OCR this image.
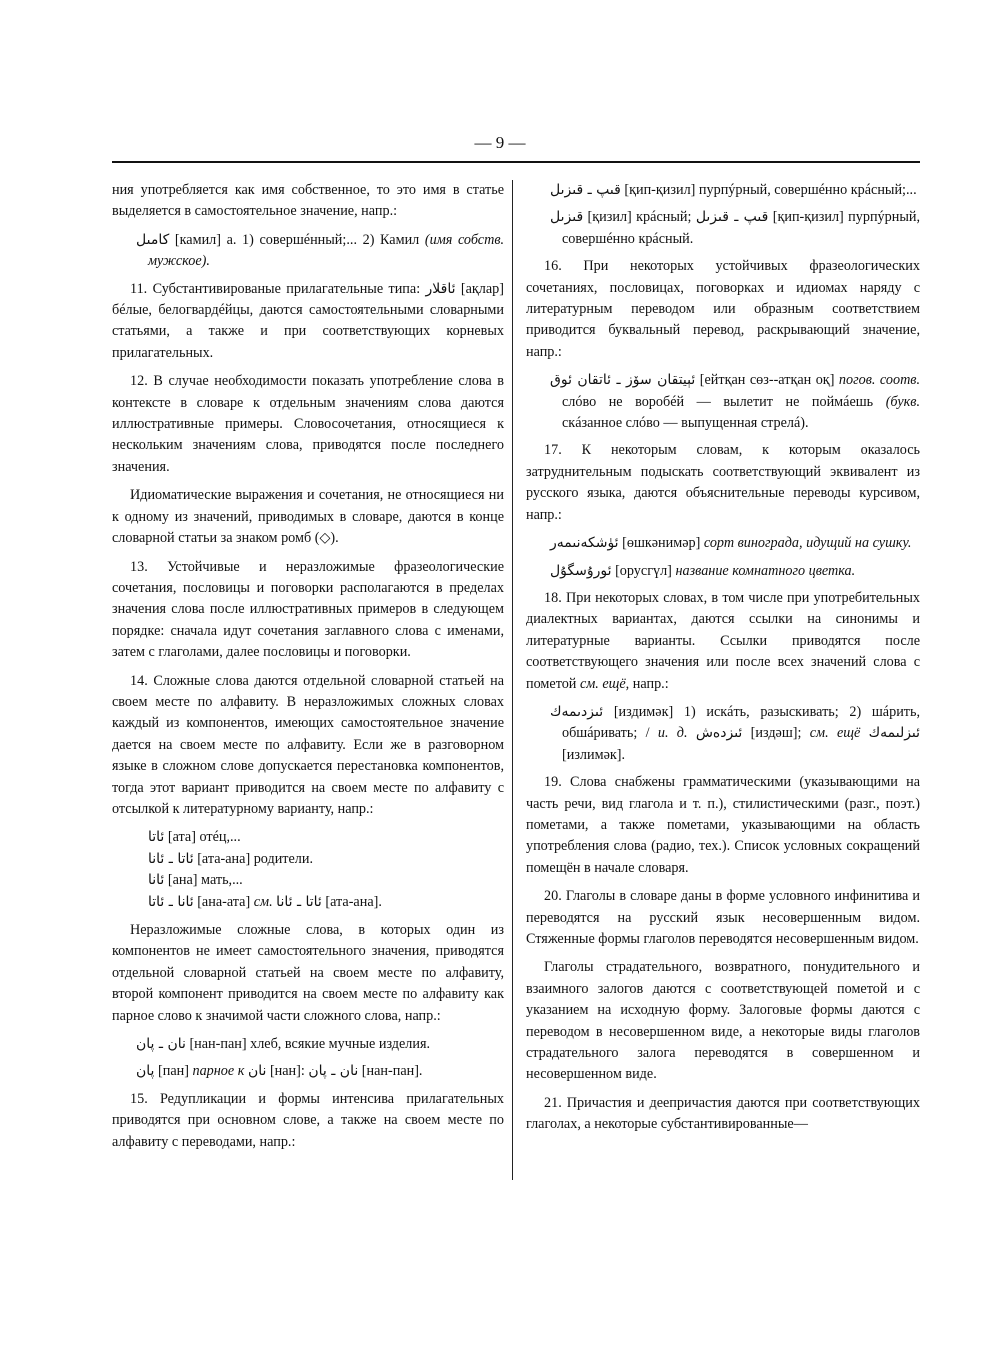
— 9 —

ния употребляется как имя собственное, то это имя в статье выделяется в самостоятельное значение, напр.:

كامىل [камил] а. 1) совершéнный;... 2) Камил (имя собств. мужское).

11. Субстантивированые прилагательные типа: ئاقلار [ақлар] бéлые, белогвардéйцы, даются самостоятельными словарными статьями, а также и при соответствующих корневых прилагательных.

12. В случае необходимости показать употребление слова в контексте в словаре к отдельным значениям слова даются иллюстративные примеры. Словосочетания, относящиеся к нескольким значениям слова, приводятся после последнего значения.

Идиоматические выражения и сочетания, не относящиеся ни к одному из значений, приводимых в словаре, даются в конце словарной статьи за знаком ромб (◇).

13. Устойчивые и неразложимые фразеологические сочетания, пословицы и поговорки располагаются в пределах значения слова после иллюстративных примеров в следующем порядке: сначала идут сочетания заглавного слова с именами, затем с глаголами, далее пословицы и поговорки.

14. Сложные слова даются отдельной словарной статьей на своем месте по алфавиту. В неразложимых сложных словах каждый из компонентов, имеющих самостоятельное значение дается на своем месте по алфавиту. Если же в разговорном языке в сложном слове допускается перестановка компонентов, тогда этот вариант приводится на своем месте по алфавиту с отсылкой к литературному варианту, напр.:

ئاتا [ата] отéц,...
ئاتا ـ ئانا [ата-ана] родители.
ئانا [ана] мать,...
ئانا ـ ئاتا [ана-ата] см. ئاتا ـ ئانا [ата-ана].

Неразложимые сложные слова, в которых один из компонентов не имеет самостоятельного значения, приводятся отдельной словарной статьей на своем месте по алфавиту, второй компонент приводится на своем месте по алфавиту как парное слово к значимой части сложного слова, напр.:

نان ـ پان [нан-пан] хлеб, всякие мучные изделия.
پان [пан] парное к نان [нан]: نان ـ پان [нан-пан].

15. Редупликации и формы интенсива прилагательных приводятся при основном слове, а также на своем месте по алфавиту с переводами, напр.:

قىپ ـ قىزىل [қип-қизил] пурпýрный, совершéнно крáсный;...
قىزىل [қизил] крáсный; قىپ ـ قىزىل [қип-қизил] пурпýрный, совершéнно крáсный.

16. При некоторых устойчивых фразеологических сочетаниях, пословицах, поговорках и идиомах наряду с литературным переводом или образным соответствием приводится буквальный перевод, раскрывающий значение, напр.:

ئېيتقان سۆز ـ ئاتقان ئوق [ейтқан сөз--атқан оқ] погов. соотв. слóво не воробéй — вылетит не поймáешь (букв. скáзанное слóво — выпущенная стрелá).

17. К некоторым словам, к которым оказалось затруднительным подыскать соответствующий эквивалент из русского языка, даются объяснительные переводы курсивом, напр.:

ئۈشكەنىمەر [өшкәнимәр] сорт винограда, идущий на сушку.
ئورۇسگۇل [орусгүл] название комнатного цветка.

18. При некоторых словах, в том числе при употребительных диалектных вариантах, даются ссылки на синонимы и литературные варианты. Ссылки приводятся после соответствующего значения или после всех значений слова с пометой см. ещё, напр.:

ئىزدىمەك [издимәк] 1) искáть, разыскивать; 2) шáрить, обшáривать; / и. д. ئىزدەش [издәш]; см. ещё ئىزلىمەك [излимәк].

19. Слова снабжены грамматическими (указывающими на часть речи, вид глагола и т. п.), стилистическими (разг., поэт.) пометами, а также пометами, указывающими на область употребления слова (радио, тех.). Список условных сокращений помещён в начале словаря.

20. Глаголы в словаре даны в форме условного инфинитива и переводятся на русский язык несовершенным видом. Стяженные формы глаголов переводятся несовершенным видом.

Глаголы страдательного, возвратного, понудительного и взаимного залогов даются с соответствующей пометой и с указанием на исходную форму. Залоговые формы даются с переводом в несовершенном виде, а некоторые виды глаголов страдательного залога переводятся в совершенном и несовершенном виде.

21. Причастия и деепричастия даются при соответствующих глаголах, а некоторые субстантивированные—
